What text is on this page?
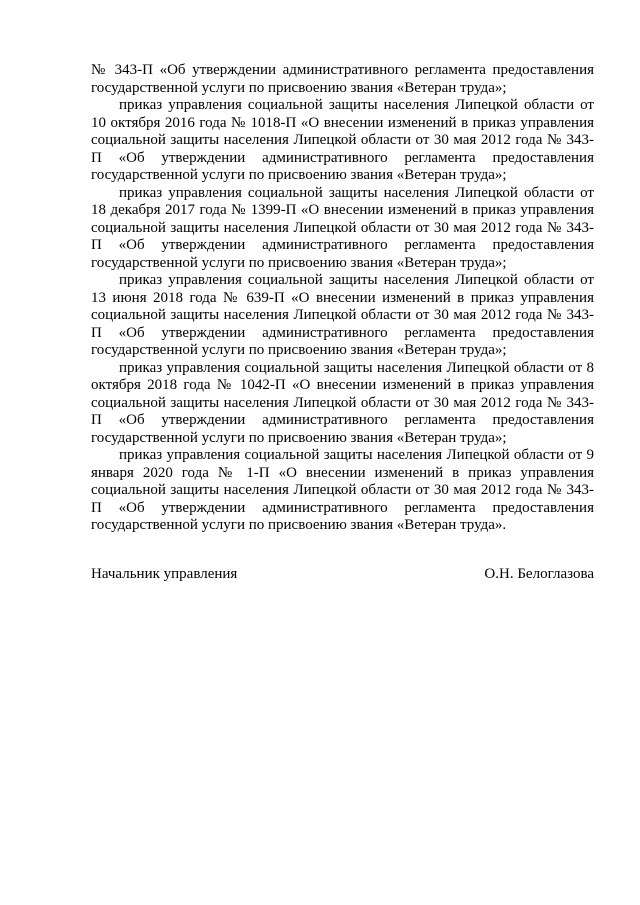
№ 343-П «Об утверждении административного регламента предоставления государственной услуги по присвоению звания «Ветеран труда»;

приказ управления социальной защиты населения Липецкой области от 10 октября 2016 года № 1018-П «О внесении изменений в приказ управления социальной защиты населения Липецкой области от 30 мая 2012 года № 343-П «Об утверждении административного регламента предоставления государственной услуги по присвоению звания «Ветеран труда»;

приказ управления социальной защиты населения Липецкой области от 18 декабря 2017 года № 1399-П «О внесении изменений в приказ управления социальной защиты населения Липецкой области от 30 мая 2012 года № 343-П «Об утверждении административного регламента предоставления государственной услуги по присвоению звания «Ветеран труда»;

приказ управления социальной защиты населения Липецкой области от 13 июня 2018 года № 639-П «О внесении изменений в приказ управления социальной защиты населения Липецкой области от 30 мая 2012 года № 343-П «Об утверждении административного регламента предоставления государственной услуги по присвоению звания «Ветеран труда»;

приказ управления социальной защиты населения Липецкой области от 8 октября 2018 года № 1042-П «О внесении изменений в приказ управления социальной защиты населения Липецкой области от 30 мая 2012 года № 343-П «Об утверждении административного регламента предоставления государственной услуги по присвоению звания «Ветеран труда»;

приказ управления социальной защиты населения Липецкой области от 9 января 2020 года № 1-П «О внесении изменений в приказ управления социальной защиты населения Липецкой области от 30 мая 2012 года № 343-П «Об утверждении административного регламента предоставления государственной услуги по присвоению звания «Ветеран труда».

Начальник управления	О.Н. Белоглазова
